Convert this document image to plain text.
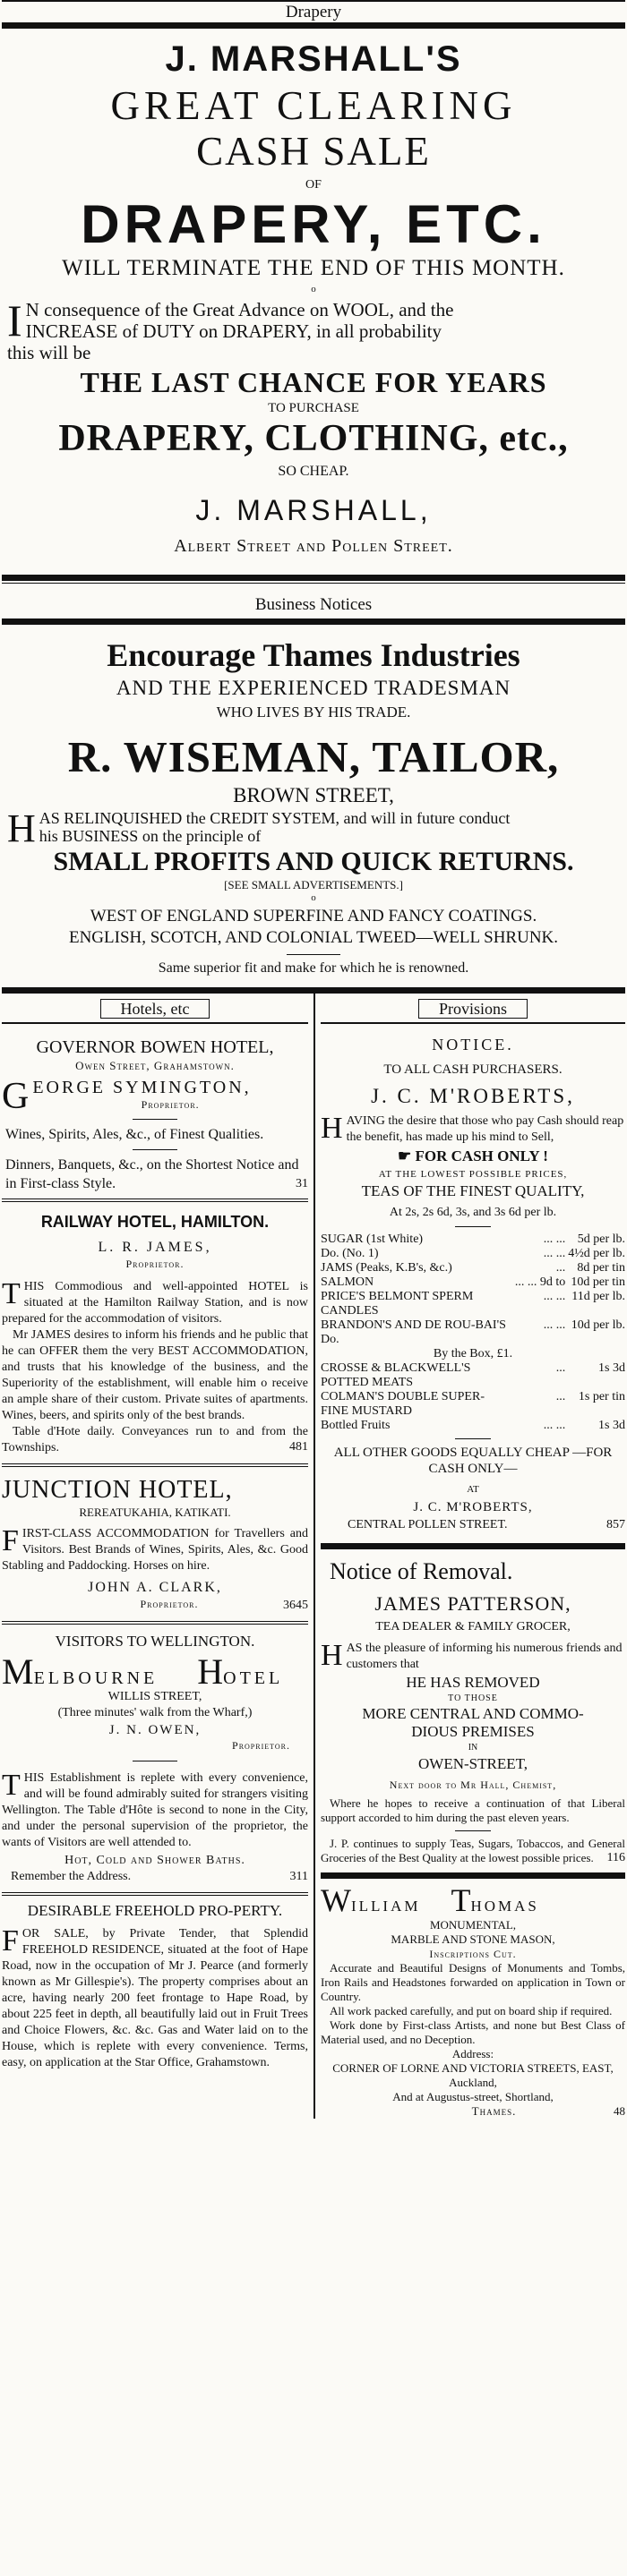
Drapery
J. MARSHALL'S
GREAT CLEARING
CASH SALE
OF
DRAPERY, ETC.
WILL TERMINATE THE END OF THIS MONTH.
o
I N consequence of the Great Advance on WOOL, and the
INCREASE of DUTY on DRAPERY, in all probability
this will be
THE LAST CHANCE FOR YEARS
TO PURCHASE
DRAPERY, CLOTHING, etc.,
SO CHEAP.
J. MARSHALL,
Albert Street and Pollen Street.
Business Notices
Encourage Thames Industries
AND THE EXPERIENCED TRADESMAN
WHO LIVES BY HIS TRADE.
R. WISEMAN, TAILOR,
BROWN STREET,
H AS RELINQUISHED the CREDIT SYSTEM, and will in future conduct
his BUSINESS on the principle of
SMALL PROFITS AND QUICK RETURNS.
[SEE SMALL ADVERTISEMENTS.]
o
WEST OF ENGLAND SUPERFINE AND FANCY COATINGS.
ENGLISH, SCOTCH, AND COLONIAL TWEED—WELL SHRUNK.
Same superior fit and make for which he is renowned.
Hotels, etc
GOVERNOR BOWEN HOTEL,
Owen Street, Grahamstown.
G EORGE SYMINGTON,
Proprietor.
Wines, Spirits, Ales, &c., of Finest Qualities.
Dinners, Banquets, &c., on the Shortest Notice and in First-class Style.	31
RAILWAY HOTEL, HAMILTON.
L. R. JAMES,
Proprietor.
T HIS Commodious and well-appointed HOTEL is situated at the Hamilton Railway Station, and is now prepared for the accommodation of visitors.
Mr JAMES desires to inform his friends and he public that he can OFFER them the very BEST ACCOMMODATION, and trusts that his knowledge of the business, and the Superiority of the establishment, will enable him o receive an ample share of their custom. Private suites of apartments. Wines, beers, and spirits only of the best brands.
Table d'Hote daily. Conveyances run to and from the Townships.	481
JUNCTION HOTEL,
REREATUKAHIA, KATIKATI.
F IRST-CLASS ACCOMMODATION for Travellers and Visitors. Best Brands of Wines, Spirits, Ales, &c. Good Stabling and Paddocking. Horses on hire.
JOHN A. CLARK,
Proprietor.	3645
VISITORS TO WELLINGTON.
MELBOURNE HOTEL
WILLIS STREET,
(Three minutes' walk from the Wharf,)
J. N. OWEN,
Proprietor.
T HIS Establishment is replete with every convenience, and will be found admirably suited for strangers visiting Wellington. The Table d'Hôte is second to none in the City, and under the personal supervision of the proprietor, the wants of Visitors are well attended to.
Hot, Cold and Shower Baths.
Remember the Address.	311
DESIRABLE FREEHOLD PRO-PERTY.
F OR SALE, by Private Tender, that Splendid FREEHOLD RESIDENCE, situated at the foot of Hape Road, now in the occupation of Mr J. Pearce (and formerly known as Mr Gillespie's). The property comprises about an acre, having nearly 200 feet frontage to Hape Road, by about 225 feet in depth, all beautifully laid out in Fruit Trees and Choice Flowers, &c. &c. Gas and Water laid on to the House, which is replete with every convenience. Terms, easy, on application at the Star Office, Grahamstown.
Provisions
NOTICE.
TO ALL CASH PURCHASERS.
J. C. M'ROBERTS,
H AVING the desire that those who pay Cash should reap the benefit, has made up his mind to Sell,
☛ FOR CASH ONLY !
AT THE LOWEST POSSIBLE PRICES,
TEAS OF THE FINEST QUALITY,
At 2s, 2s 6d, 3s, and 3s 6d per lb.
SUGAR (1st White)	... ...	5d per lb.
Do. (No. 1)	... ...	4½d per lb.
JAMS (Peaks, K.B's, &c.)	...	8d per tin
SALMON	... ... 9d to	10d per tin
PRICE'S BELMONT SPERM CANDLES	... ...	11d per lb.
BRANDON'S AND DE ROU-BAI'S Do.	... ...	10d per lb.
By the Box, £1.		
CROSSE & BLACKWELL'S POTTED MEATS	...	1s 3d
COLMAN'S DOUBLE SUPER-FINE MUSTARD	...	1s per tin
Bottled Fruits	... ...	1s 3d
ALL OTHER GOODS EQUALLY CHEAP —FOR CASH ONLY—
AT
J. C. M'ROBERTS,
CENTRAL POLLEN STREET.	857
Notice of Removal.
JAMES PATTERSON,
TEA DEALER & FAMILY GROCER,
H AS the pleasure of informing his numerous friends and customers that
HE HAS REMOVED
TO THOSE
MORE CENTRAL AND COMMO-
DIOUS PREMISES
IN
OWEN-STREET,
Next door to Mr Hall, Chemist,
Where he hopes to receive a continuation of that Liberal support accorded to him during the past eleven years.
J. P. continues to supply Teas, Sugars, Tobaccos, and General Groceries of the Best Quality at the lowest possible prices.	116
WILLIAM THOMAS
MONUMENTAL,
MARBLE AND STONE MASON,
Inscriptions Cut.
Accurate and Beautiful Designs of Monuments and Tombs, Iron Rails and Headstones forwarded on application in Town or Country.
All work packed carefully, and put on board ship if required.
Work done by First-class Artists, and none but Best Class of Material used, and no Deception.
Address:
CORNER OF LORNE AND VICTORIA STREETS, EAST, Auckland,
And at Augustus-street, Shortland,
Thames.	48
